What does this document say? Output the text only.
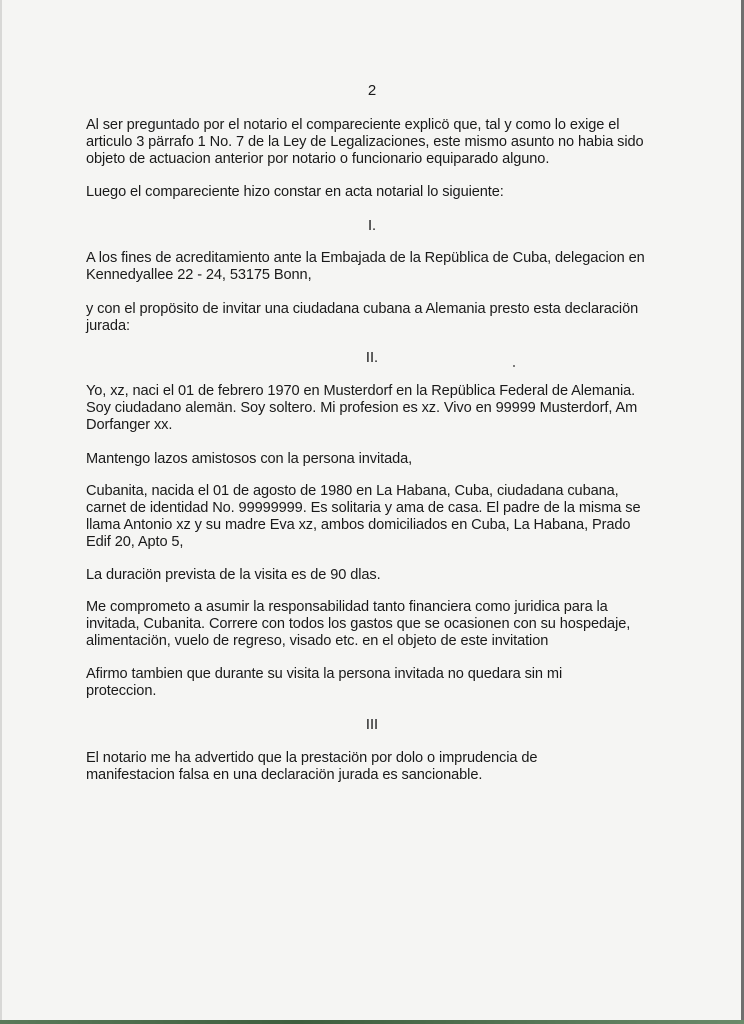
2
Al ser preguntado por el notario el compareciente explicö que, tal y como lo exige el
articulo 3 pärrafo 1 No. 7 de la Ley de Legalizaciones, este mismo asunto no habia sido
objeto de actuacion anterior por notario o funcionario equiparado alguno.
Luego el compareciente hizo constar en acta notarial lo siguiente:
I.
A los fines de acreditamiento ante la Embajada de la Repüblica de Cuba, delegacion en
Kennedyallee 22 - 24, 53175 Bonn,
y con el propösito de invitar una ciudadana cubana a Alemania presto esta declaraciön
jurada:
II.
Yo, xz, naci el 01 de febrero 1970 en Musterdorf en la Repüblica Federal de Alemania.
Soy ciudadano alemän. Soy soltero. Mi profesion es xz. Vivo en 99999 Musterdorf, Am
Dorfanger xx.
Mantengo lazos amistosos con la persona invitada,
Cubanita, nacida el 01 de agosto de 1980 en La Habana, Cuba, ciudadana cubana,
carnet de identidad No. 99999999. Es solitaria y ama de casa. El padre de la misma se
llama Antonio xz y su madre Eva xz, ambos domiciliados en Cuba, La Habana, Prado
Edif 20, Apto 5,
La duraciön prevista de la visita es de 90 dlas.
Me comprometo a asumir la responsabilidad tanto financiera como juridica para la
invitada, Cubanita. Correre con todos los gastos que se ocasionen con su hospedaje,
alimentaciön, vuelo de regreso, visado etc. en el objeto de este invitation
Afirmo tambien que durante su visita la persona invitada no quedara sin mi
proteccion.
III
El notario me ha advertido que la prestaciön por dolo o imprudencia de
manifestacion falsa en una declaraciön jurada es sancionable.
